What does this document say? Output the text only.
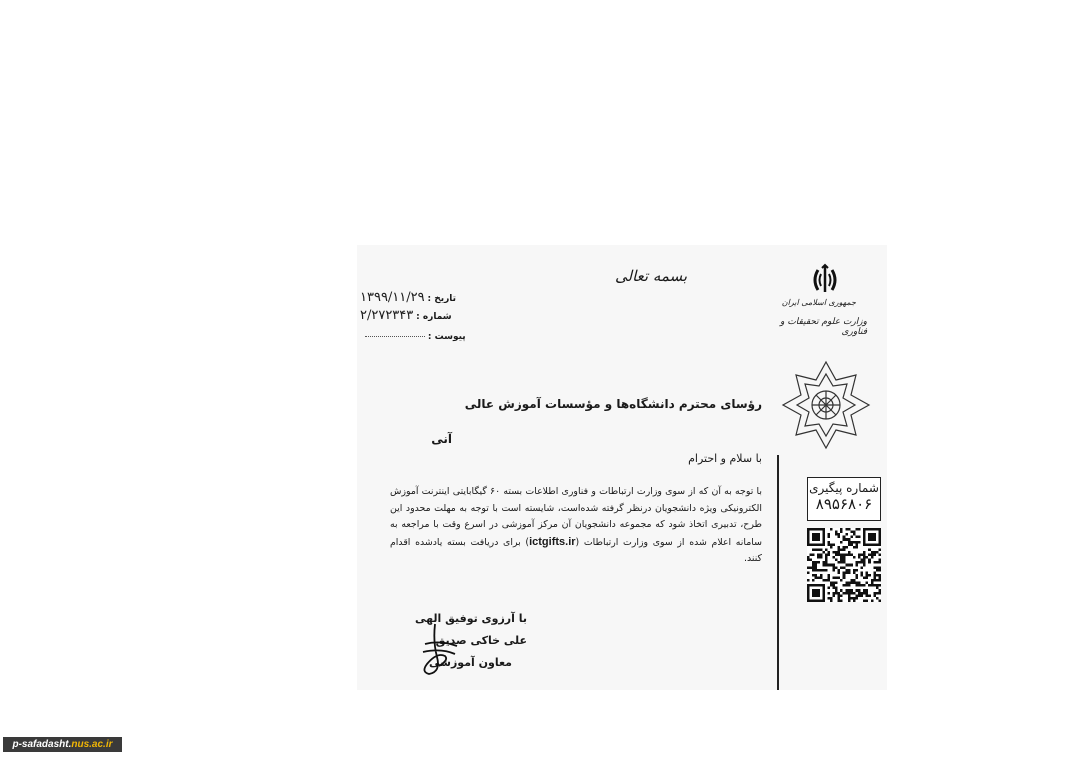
بسمه تعالی
تاریخ : ۱۳۹۹/۱۱/۲۹
شماره : ۲/۲۷۲۳۴۳
پیوست :
جمهوری اسلامی ایران
وزارت علوم تحقیقات و فناوری
شماره پیگیری
۸۹۵۶۸۰۶
رؤسای محترم دانشگاه‌ها و مؤسسات آموزش عالی
آنی
با سلام و احترام
با توجه به آن که از سوی وزارت ارتباطات و فناوری اطلاعات بسته ۶۰ گیگابایتی اینترنت آموزش الکترونیکی ویژه دانشجویان درنظر گرفته شده‌است، شایسته است با توجه به مهلت محدود این طرح، تدبیری اتخاذ شود که مجموعه دانشجویان آن مرکز آموزشی در اسرع وقت با مراجعه به سامانه اعلام شده از سوی وزارت ارتباطات (ictgifts.ir) برای دریافت بسته یادشده اقدام کنند.
با آرزوی توفیق الهی
علی خاکی صدیق
معاون آموزشی
p-safadasht.nus.ac.ir
